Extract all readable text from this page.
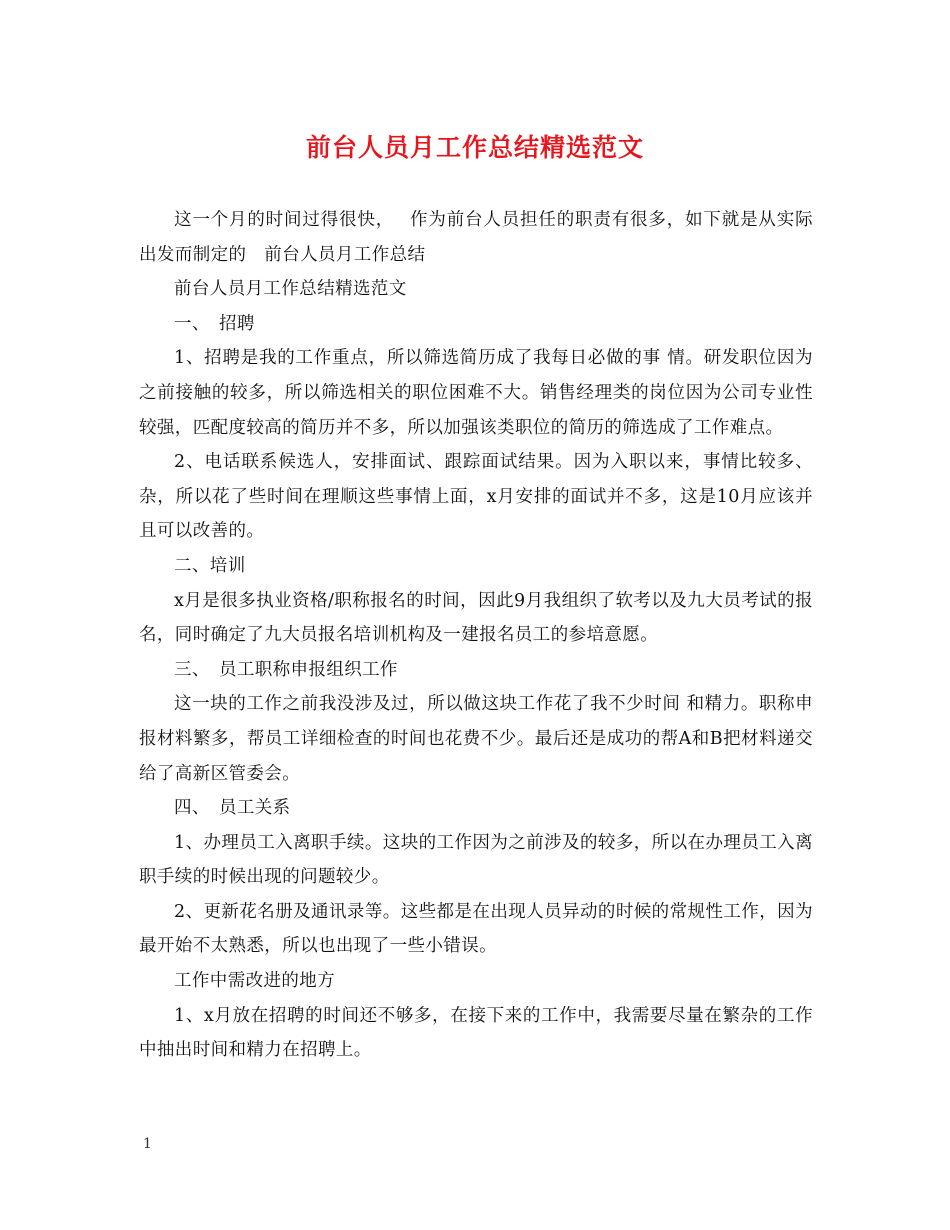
前台人员月工作总结精选范文

这一个月的时间过得很快，　 作为前台人员担任的职责有很多，如下就是从实际出发而制定的　前台人员月工作总结

前台人员月工作总结精选范文

一、　招聘

1、招聘是我的工作重点，所以筛选简历成了我每日必做的事 情。研发职位因为之前接触的较多，所以筛选相关的职位困难不大。销售经理类的岗位因为公司专业性较强，匹配度较高的简历并不多，所以加强该类职位的简历的筛选成了工作难点。

2、电话联系候选人，安排面试、跟踪面试结果。因为入职以来，事情比较多、杂，所以花了些时间在理顺这些事情上面，x月安排的面试并不多，这是10月应该并且可以改善的。

二、培训

x月是很多执业资格/职称报名的时间，因此9月我组织了软考以及九大员考试的报名，同时确定了九大员报名培训机构及一建报名员工的参培意愿。

三、　员工职称申报组织工作

这一块的工作之前我没涉及过，所以做这块工作花了我不少时间 和精力。职称申报材料繁多，帮员工详细检查的时间也花费不少。最后还是成功的帮A和B把材料递交给了高新区管委会。

四、　员工关系

1、办理员工入离职手续。这块的工作因为之前涉及的较多，所以在办理员工入离职手续的时候出现的问题较少。

2、更新花名册及通讯录等。这些都是在出现人员异动的时候的常规性工作，因为最开始不太熟悉，所以也出现了一些小错误。

工作中需改进的地方

1、x月放在招聘的时间还不够多，在接下来的工作中，我需要尽量在繁杂的工作中抽出时间和精力在招聘上。

1
